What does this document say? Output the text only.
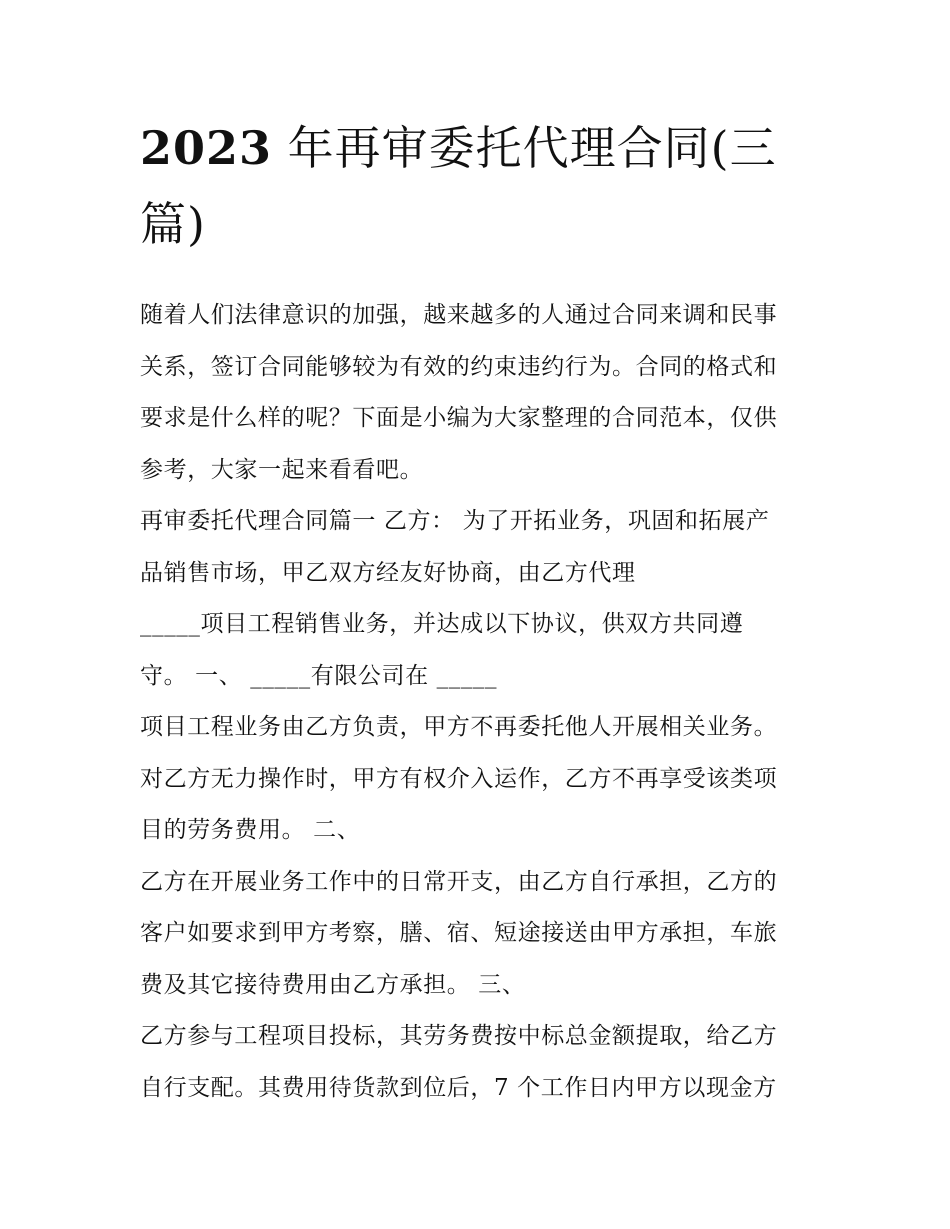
2023 年再审委托代理合同(三
篇)
随着人们法律意识的加强，越来越多的人通过合同来调和民事
关系，签订合同能够较为有效的约束违约行为。合同的格式和
要求是什么样的呢？下面是小编为大家整理的合同范本，仅供
参考，大家一起来看看吧。
再审委托代理合同篇一 乙方： 为了开拓业务，巩固和拓展产
品销售市场，甲乙双方经友好协商，由乙方代理
_____项目工程销售业务，并达成以下协议，供双方共同遵
守。 一、 _____有限公司在 _____
项目工程业务由乙方负责，甲方不再委托他人开展相关业务。
对乙方无力操作时，甲方有权介入运作，乙方不再享受该类项
目的劳务费用。 二、
乙方在开展业务工作中的日常开支，由乙方自行承担，乙方的
客户如要求到甲方考察，膳、宿、短途接送由甲方承担，车旅
费及其它接待费用由乙方承担。 三、
乙方参与工程项目投标，其劳务费按中标总金额提取，给乙方
自行支配。其费用待货款到位后，7 个工作日内甲方以现金方
